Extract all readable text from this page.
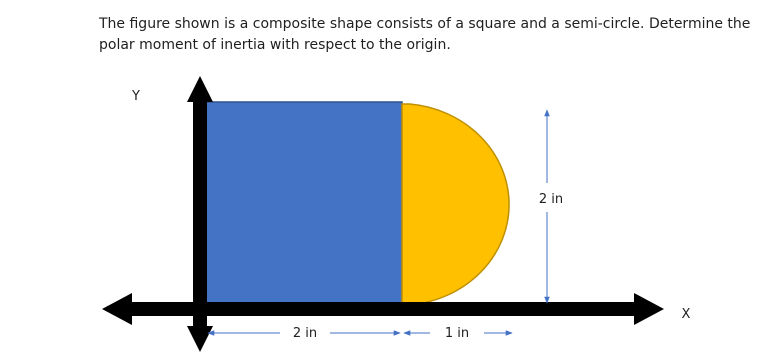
The figure shown is a composite shape consists of a square and a semi-circle. Determine the polar moment of inertia with respect to the origin.

Y
X
2 in	1 in
2 in
